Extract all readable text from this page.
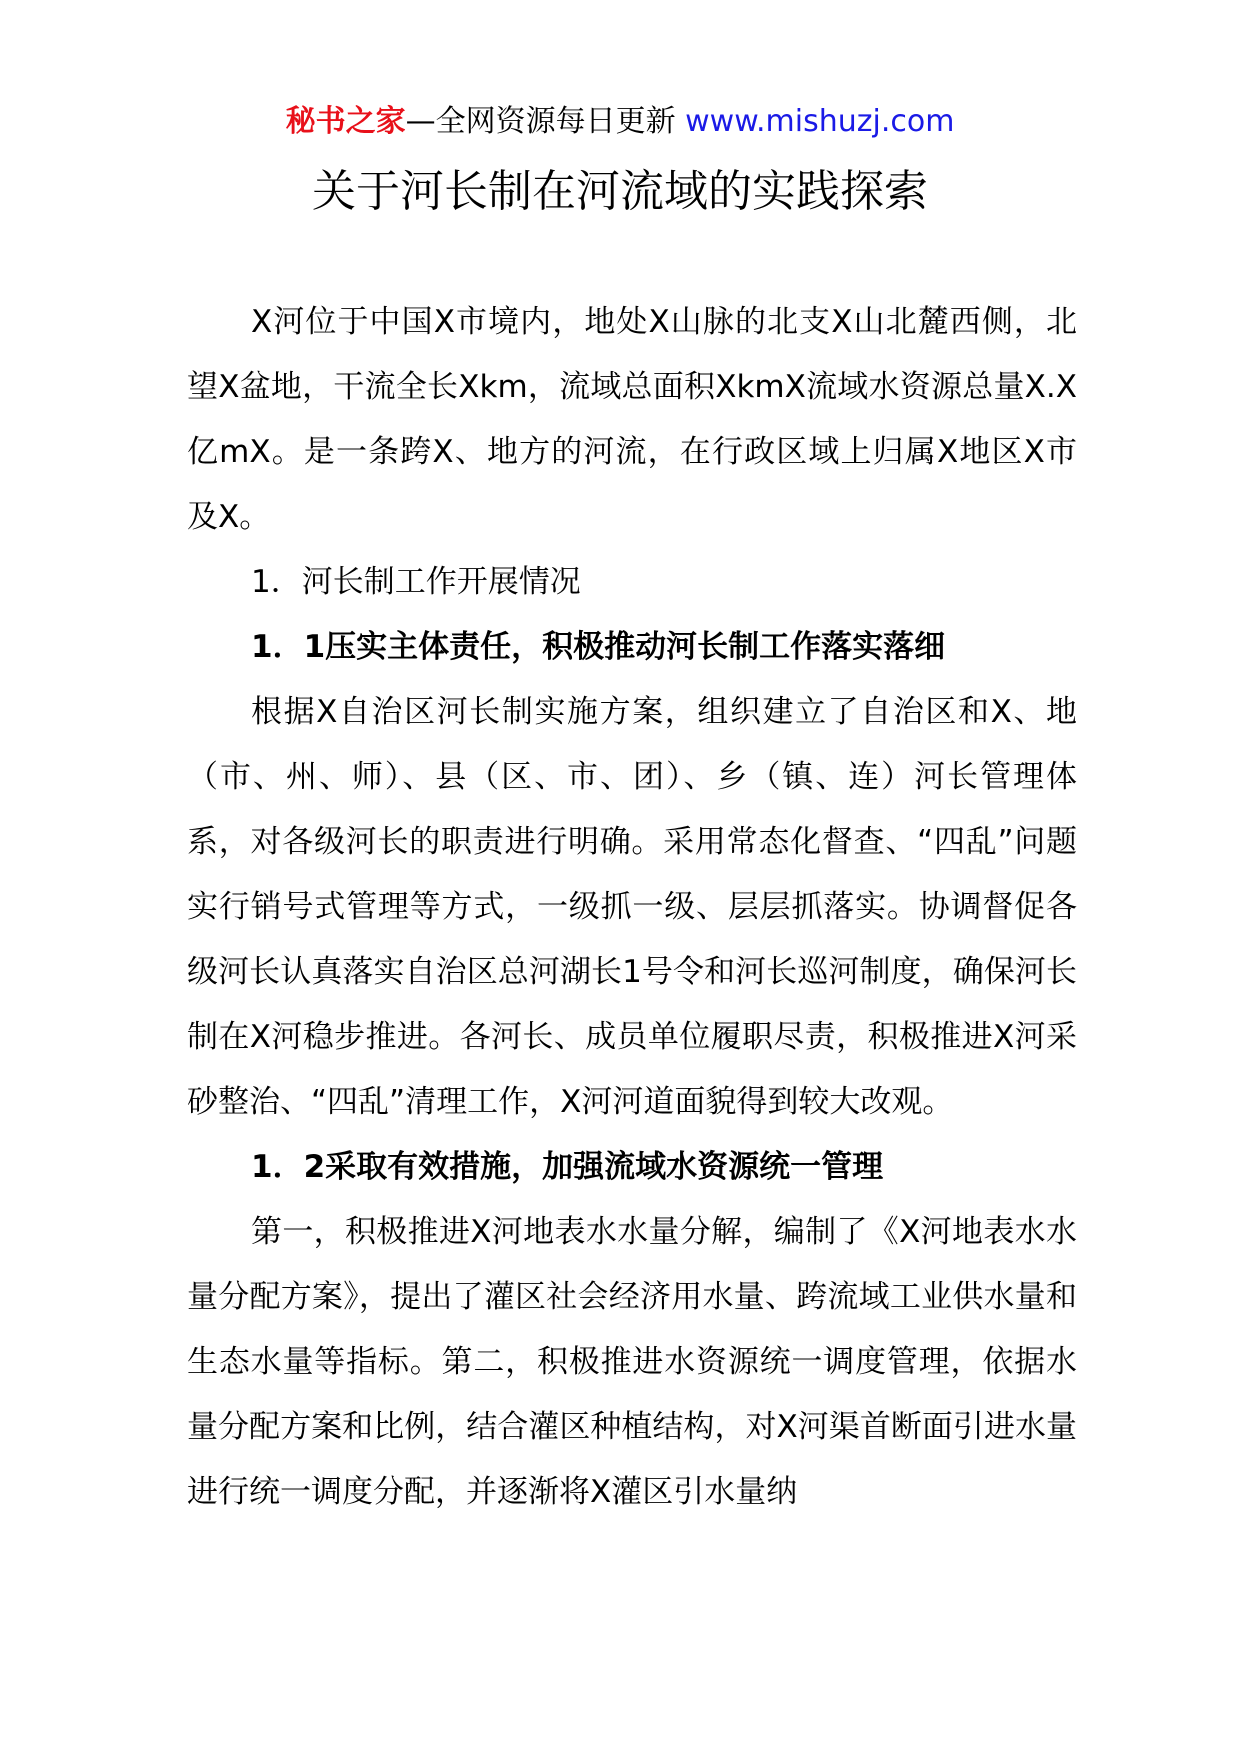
秘书之家—全网资源每日更新 www.mishuzj.com
关于河长制在河流域的实践探索

X河位于中国X市境内，地处X山脉的北支X山北麓西侧，北望X盆地，干流全长Xkm，流域总面积XkmX流域水资源总量X.X亿mX。是一条跨X、地方的河流，在行政区域上归属X地区X市及X。

1．河长制工作开展情况

1．1压实主体责任，积极推动河长制工作落实落细

根据X自治区河长制实施方案，组织建立了自治区和X、地（市、州、师）、县（区、市、团）、乡（镇、连）河长管理体系，对各级河长的职责进行明确。采用常态化督查、“四乱”问题实行销号式管理等方式，一级抓一级、层层抓落实。协调督促各级河长认真落实自治区总河湖长1号令和河长巡河制度，确保河长制在X河稳步推进。各河长、成员单位履职尽责，积极推进X河采砂整治、“四乱”清理工作，X河河道面貌得到较大改观。

1．2采取有效措施，加强流域水资源统一管理

第一，积极推进X河地表水水量分解，编制了《X河地表水水量分配方案》，提出了灌区社会经济用水量、跨流域工业供水量和生态水量等指标。第二，积极推进水资源统一调度管理，依据水量分配方案和比例，结合灌区种植结构，对X河渠首断面引进水量进行统一调度分配，并逐渐将X灌区引水量纳
